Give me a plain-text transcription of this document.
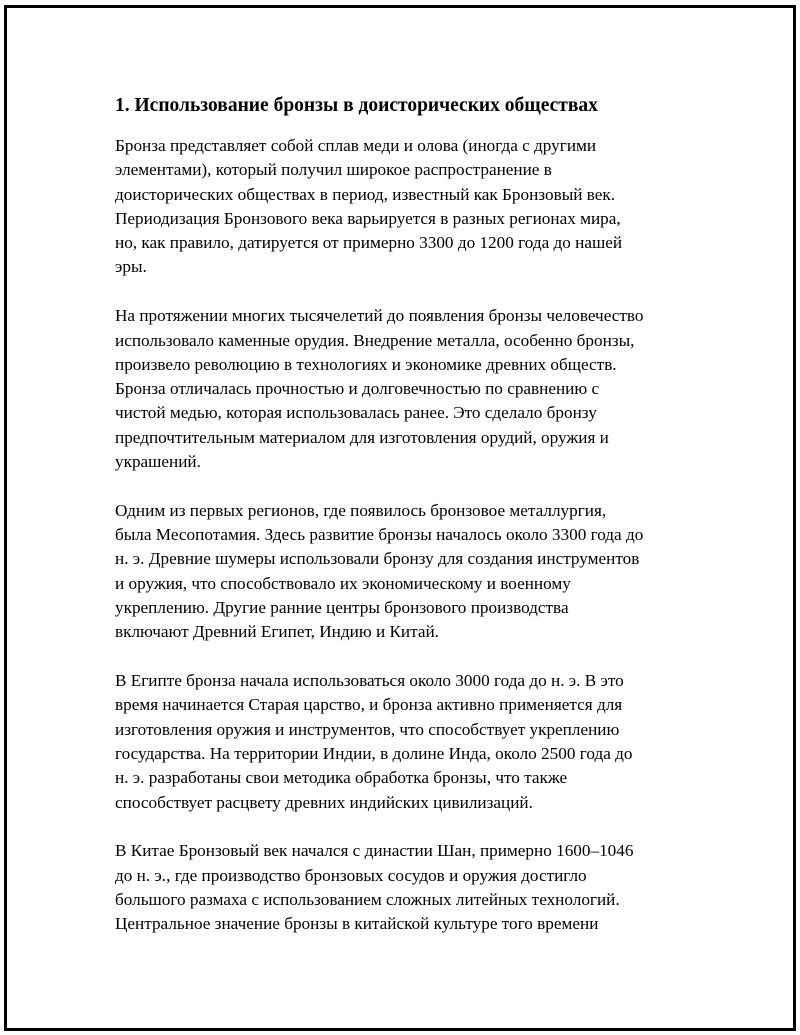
1. Использование бронзы в доисторических обществах

Бронза представляет собой сплав меди и олова (иногда с другими
элементами), который получил широкое распространение в
доисторических обществах в период, известный как Бронзовый век.
Периодизация Бронзового века варьируется в разных регионах мира,
но, как правило, датируется от примерно 3300 до 1200 года до нашей
эры.

На протяжении многих тысячелетий до появления бронзы человечество
использовало каменные орудия. Внедрение металла, особенно бронзы,
произвело революцию в технологиях и экономике древних обществ.
Бронза отличалась прочностью и долговечностью по сравнению с
чистой медью, которая использовалась ранее. Это сделало бронзу
предпочтительным материалом для изготовления орудий, оружия и
украшений.

Одним из первых регионов, где появилось бронзовое металлургия,
была Месопотамия. Здесь развитие бронзы началось около 3300 года до
н. э. Древние шумеры использовали бронзу для создания инструментов
и оружия, что способствовало их экономическому и военному
укреплению. Другие ранние центры бронзового производства
включают Древний Египет, Индию и Китай.

В Египте бронза начала использоваться около 3000 года до н. э. В это
время начинается Старая царство, и бронза активно применяется для
изготовления оружия и инструментов, что способствует укреплению
государства. На территории Индии, в долине Инда, около 2500 года до
н. э. разработаны свои методика обработка бронзы, что также
способствует расцвету древних индийских цивилизаций.

В Китае Бронзовый век начался с династии Шан, примерно 1600–1046
до н. э., где производство бронзовых сосудов и оружия достигло
большого размаха с использованием сложных литейных технологий.
Центральное значение бронзы в китайской культуре того времени
